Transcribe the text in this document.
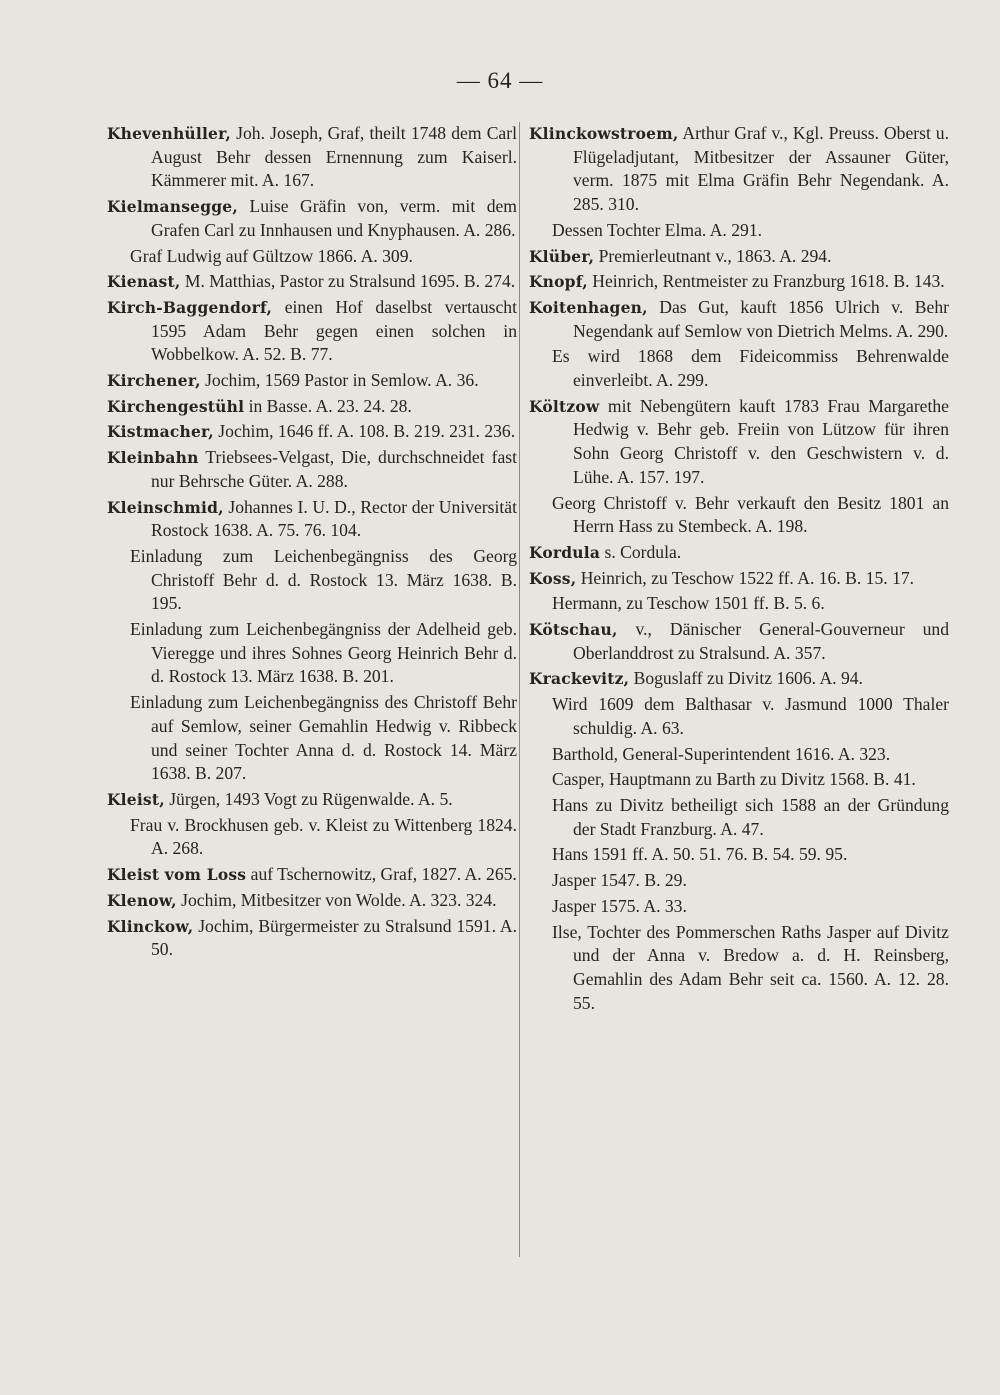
— 64 —

Khevenhüller, Joh. Joseph, Graf, theilt 1748 dem Carl August Behr dessen Ernennung zum Kaiserl. Kämmerer mit. A. 167.

Kielmansegge, Luise Gräfin von, verm. mit dem Grafen Carl zu Innhausen und Knyphausen. A. 286.

Graf Ludwig auf Gültzow 1866. A. 309.

Kienast, M. Matthias, Pastor zu Stralsund 1695. B. 274.

Kirch-Baggendorf, einen Hof daselbst vertauscht 1595 Adam Behr gegen einen solchen in Wobbelkow. A. 52. B. 77.

Kirchener, Jochim, 1569 Pastor in Semlow. A. 36.

Kirchengestühl in Basse. A. 23. 24. 28.

Kistmacher, Jochim, 1646 ff. A. 108. B. 219. 231. 236.

Kleinbahn Triebsees-Velgast, Die, durchschneidet fast nur Behrsche Güter. A. 288.

Kleinschmid, Johannes I. U. D., Rector der Universität Rostock 1638. A. 75. 76. 104.

Einladung zum Leichenbegängniss des Georg Christoff Behr d. d. Rostock 13. März 1638. B. 195.

Einladung zum Leichenbegängniss der Adelheid geb. Vieregge und ihres Sohnes Georg Heinrich Behr d. d. Rostock 13. März 1638. B. 201.

Einladung zum Leichenbegängniss des Christoff Behr auf Semlow, seiner Gemahlin Hedwig v. Ribbeck und seiner Tochter Anna d. d. Rostock 14. März 1638. B. 207.

Kleist, Jürgen, 1493 Vogt zu Rügenwalde. A. 5.

Frau v. Brockhusen geb. v. Kleist zu Wittenberg 1824. A. 268.

Kleist vom Loss auf Tschernowitz, Graf, 1827. A. 265.

Klenow, Jochim, Mitbesitzer von Wolde. A. 323. 324.

Klinckow, Jochim, Bürgermeister zu Stralsund 1591. A. 50.

Klinckowstroem, Arthur Graf v., Kgl. Preuss. Oberst u. Flügeladjutant, Mitbesitzer der Assauner Güter, verm. 1875 mit Elma Gräfin Behr Negendank. A. 285. 310.

Dessen Tochter Elma. A. 291.

Klüber, Premierleutnant v., 1863. A. 294.

Knopf, Heinrich, Rentmeister zu Franzburg 1618. B. 143.

Koitenhagen, Das Gut, kauft 1856 Ulrich v. Behr Negendank auf Semlow von Dietrich Melms. A. 290.

Es wird 1868 dem Fideicommiss Behrenwalde einverleibt. A. 299.

Költzow mit Nebengütern kauft 1783 Frau Margarethe Hedwig v. Behr geb. Freiin von Lützow für ihren Sohn Georg Christoff v. den Geschwistern v. d. Lühe. A. 157. 197.

Georg Christoff v. Behr verkauft den Besitz 1801 an Herrn Hass zu Stembeck. A. 198.

Kordula s. Cordula.

Koss, Heinrich, zu Teschow 1522 ff. A. 16. B. 15. 17.

Hermann, zu Teschow 1501 ff. B. 5. 6.

Kötschau, v., Dänischer General-Gouverneur und Oberlanddrost zu Stralsund. A. 357.

Krackevitz, Boguslaff zu Divitz 1606. A. 94.

Wird 1609 dem Balthasar v. Jasmund 1000 Thaler schuldig. A. 63.

Barthold, General-Superintendent 1616. A. 323.

Casper, Hauptmann zu Barth zu Divitz 1568. B. 41.

Hans zu Divitz betheiligt sich 1588 an der Gründung der Stadt Franzburg. A. 47.

Hans 1591 ff. A. 50. 51. 76. B. 54. 59. 95.

Jasper 1547. B. 29.

Jasper 1575. A. 33.

Ilse, Tochter des Pommerschen Raths Jasper auf Divitz und der Anna v. Bredow a. d. H. Reinsberg, Gemahlin des Adam Behr seit ca. 1560. A. 12. 28. 55.
